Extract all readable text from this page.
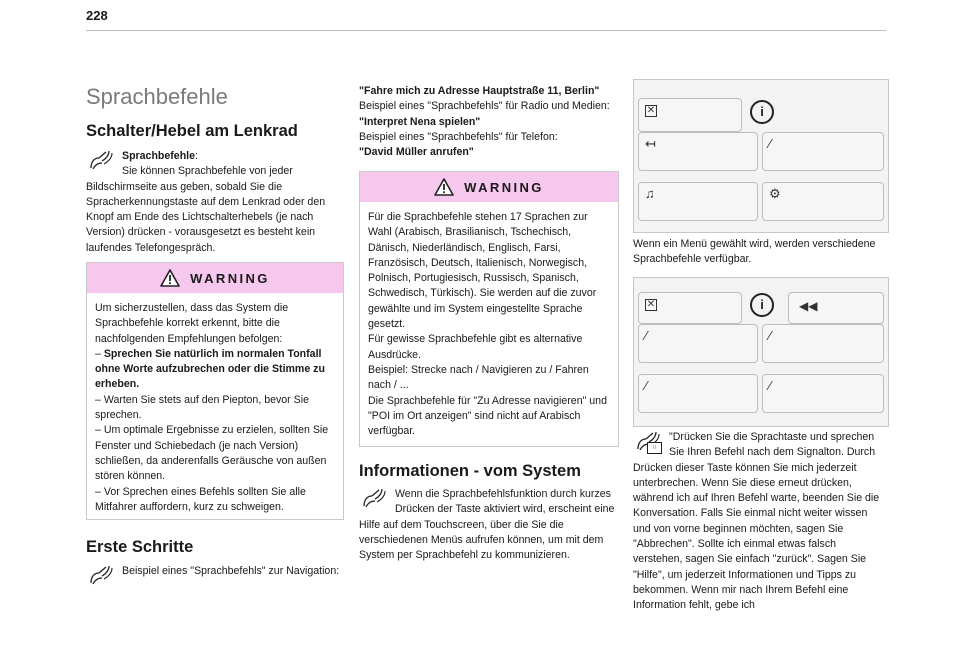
228
Sprachbefehle
Schalter/Hebel am Lenkrad
Sprachbefehle:
Sie können Sprachbefehle von jeder Bildschirmseite aus geben, sobald Sie die Spracherkennungstaste auf dem Lenkrad oder den Knopf am Ende des Lichtschalterhebels (je nach Version) drücken - vorausgesetzt es besteht kein laufendes Telefongespräch.
WARNING

Um sicherzustellen, dass das System die Sprachbefehle korrekt erkennt, bitte die nachfolgenden Empfehlungen befolgen:

– Sprechen Sie natürlich im normalen Tonfall ohne Worte aufzubrechen oder die Stimme zu erheben.

– Warten Sie stets auf den Piepton, bevor Sie sprechen.

– Um optimale Ergebnisse zu erzielen, sollten Sie Fenster und Schiebedach (je nach Version) schließen, da anderenfalls Geräusche von außen stören können.

– Vor Sprechen eines Befehls sollten Sie alle Mitfahrer auffordern, kurz zu schweigen.

Erste Schritte
Beispiel eines "Sprachbefehls" zur Navigation:
"Fahre mich zu Adresse Hauptstraße 11, Berlin"
Beispiel eines "Sprachbefehls" für Radio und Medien:
"Interpret Nena spielen"
Beispiel eines "Sprachbefehls" für Telefon:
"David Müller anrufen"
WARNING

Für die Sprachbefehle stehen 17 Sprachen zur Wahl (Arabisch, Brasilianisch, Tschechisch, Dänisch, Niederländisch, Englisch, Farsi, Französisch, Deutsch, Italienisch, Norwegisch, Polnisch, Portugiesisch, Russisch, Spanisch, Schwedisch, Türkisch). Sie werden auf die zuvor gewählte und im System eingestellte Sprache gesetzt.

Für gewisse Sprachbefehle gibt es alternative Ausdrücke.

Beispiel: Strecke nach / Navigieren zu / Fahren nach / ...

Die Sprachbefehle für "Zu Adresse navigieren" und "POI im Ort anzeigen" sind nicht auf Arabisch verfügbar.

Informationen - vom System
Wenn die Sprachbefehlsfunktion durch kurzes Drücken der Taste aktiviert wird, erscheint eine Hilfe auf dem Touchscreen, über die Sie die verschiedenen Menüs aufrufen können, um mit dem System per Sprachbefehl zu kommunizieren.
✕	i
↤	∕
♫	⚙
Wenn ein Menü gewählt wird, werden verschiedene Sprachbefehle verfügbar.
✕	i	◀◀
∕	∕
∕	∕
∷
"Drücken Sie die Sprachtaste und sprechen Sie Ihren Befehl nach dem Signalton. Durch Drücken dieser Taste können Sie mich jederzeit unterbrechen. Wenn Sie diese erneut drücken, während ich auf Ihren Befehl warte, beenden Sie die Konversation. Falls Sie einmal nicht weiter wissen und von vorne beginnen möchten, sagen Sie "Abbrechen". Sollte ich einmal etwas falsch verstehen, sagen Sie einfach "zurück". Sagen Sie "Hilfe", um jederzeit Informationen und Tipps zu bekommen. Wenn mir nach Ihrem Befehl eine Information fehlt, gebe ich
